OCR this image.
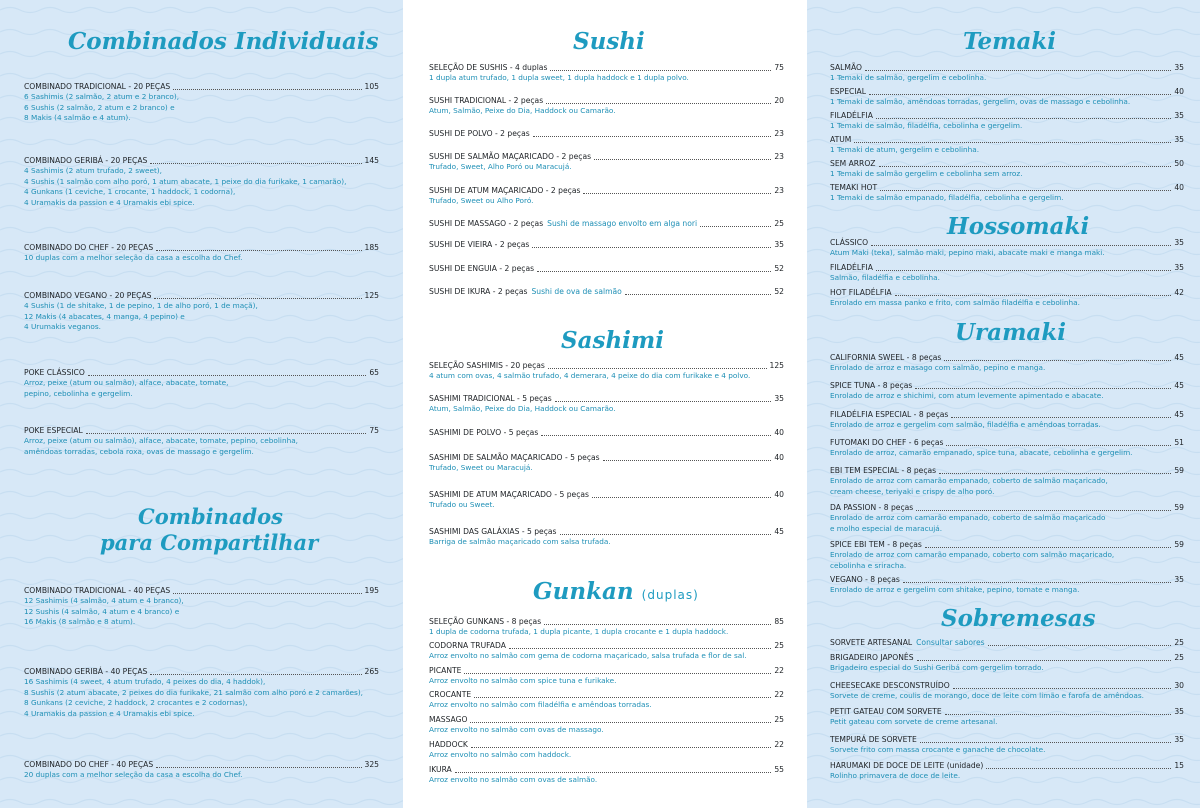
Combinados Individuais
COMBINADO TRADICIONAL - 20 PEÇAS	105
6 Sashimis (2 salmão, 2 atum e 2 branco),
6 Sushis (2 salmão, 2 atum e 2 branco) e
8 Makis (4 salmão e 4 atum).
COMBINADO GERIBÁ - 20 PEÇAS	145
4 Sashimis (2 atum trufado, 2 sweet),
4 Sushis (1 salmão com alho poró, 1 atum abacate, 1 peixe do dia furikake, 1 camarão),
4 Gunkans (1 ceviche, 1 crocante, 1 haddock, 1 codorna),
4 Uramakis da passion e 4 Uramakis ebi spice.
COMBINADO DO CHEF - 20 PEÇAS	185
10 duplas com a melhor seleção da casa a escolha do Chef.
COMBINADO VEGANO - 20 PEÇAS	125
4 Sushis (1 de shitake, 1 de pepino, 1 de alho poró, 1 de maçã),
12 Makis (4 abacates, 4 manga, 4 pepino) e
4 Urumakis veganos.
POKE CLÁSSICO	65
Arroz, peixe (atum ou salmão), alface, abacate, tomate,
pepino, cebolinha e gergelim.
POKE ESPECIAL	75
Arroz, peixe (atum ou salmão), alface, abacate, tomate, pepino, cebolinha,
amêndoas torradas, cebola roxa, ovas de massago e gergelim.
Combinados
para Compartilhar
COMBINADO TRADICIONAL - 40 PEÇAS	195
12 Sashimis (4 salmão, 4 atum e 4 branco),
12 Sushis (4 salmão, 4 atum e 4 branco) e
16 Makis (8 salmão e 8 atum).
COMBINADO GERIBÁ - 40 PEÇAS	265
16 Sashimis (4 sweet, 4 atum trufado, 4 peixes do dia, 4 haddok),
8 Sushis (2 atum abacate, 2 peixes do dia furikake, 21 salmão com alho poró e 2 camarões),
8 Gunkans (2 ceviche, 2 haddock, 2 crocantes e 2 codornas),
4 Uramakis da passion e 4 Uramakis ebi spice.
COMBINADO DO CHEF - 40 PEÇAS	325
20 duplas com a melhor seleção da casa a escolha do Chef.
Sushi
SELEÇÃO DE SUSHIS - 4 duplas	75
1 dupla atum trufado, 1 dupla sweet, 1 dupla haddock e 1 dupla polvo.
SUSHI TRADICIONAL - 2 peças	20
Atum, Salmão, Peixe do Dia, Haddock ou Camarão.
SUSHI DE POLVO - 2 peças	23
SUSHI DE SALMÃO MAÇARICADO - 2 peças	23
Trufado, Sweet, Alho Poró ou Maracujá.
SUSHI DE ATUM MAÇARICADO - 2 peças	23
Trufado, Sweet ou Alho Poró.
SUSHI DE MASSAGO - 2 peças Sushi de massago envolto em alga nori	25
SUSHI DE VIEIRA - 2 peças	35
SUSHI DE ENGUIA - 2 peças	52
SUSHI DE IKURA - 2 peças Sushi de ova de salmão	52
Sashimi
SELEÇÃO SASHIMIS - 20 peças	125
4 atum com ovas, 4 salmão trufado, 4 demerara, 4 peixe do dia com furikake e 4 polvo.
SASHIMI TRADICIONAL - 5 peças	35
Atum, Salmão, Peixe do Dia, Haddock ou Camarão.
SASHIMI DE POLVO - 5 peças	40
SASHIMI DE SALMÃO MAÇARICADO - 5 peças	40
Trufado, Sweet ou Maracujá.
SASHIMI DE ATUM MAÇARICADO - 5 peças	40
Trufado ou Sweet.
SASHIMI DAS GALÁXIAS - 5 peças	45
Barriga de salmão maçaricado com salsa trufada.
Gunkan (duplas)
SELEÇÃO GUNKANS - 8 peças	85
1 dupla de codorna trufada, 1 dupla picante, 1 dupla crocante e 1 dupla haddock.
CODORNA TRUFADA	25
Arroz envolto no salmão com gema de codorna maçaricado, salsa trufada e flor de sal.
PICANTE	22
Arroz envolto no salmão com spice tuna e furikake.
CROCANTE	22
Arroz envolto no salmão com filadélfia e amêndoas torradas.
MASSAGO	25
Arroz envolto no salmão com ovas de massago.
HADDOCK	22
Arroz envolto no salmão com haddock.
IKURA	55
Arroz envolto no salmão com ovas de salmão.
Temaki
SALMÃO	35
1 Temaki de salmão, gergelim e cebolinha.
ESPECIAL	40
1 Temaki de salmão, amêndoas torradas, gergelim, ovas de massago e cebolinha.
FILADÉLFIA	35
1 Temaki de salmão, filadélfia, cebolinha e gergelim.
ATUM	35
1 Temaki de atum, gergelim e cebolinha.
SEM ARROZ	50
1 Temaki de salmão gergelim e cebolinha sem arroz.
TEMAKI HOT	40
1 Temaki de salmão empanado, filadélfia, cebolinha e gergelim.
Hossomaki
CLÁSSICO	35
Atum Maki (teka), salmão maki, pepino maki, abacate maki e manga maki.
FILADÉLFIA	35
Salmão, filadélfia e cebolinha.
HOT FILADÉLFIA	42
Enrolado em massa panko e frito, com salmão filadélfia e cebolinha.
Uramaki
CALIFORNIA SWEEL - 8 peças	45
Enrolado de arroz e masago com salmão, pepino e manga.
SPICE TUNA - 8 peças	45
Enrolado de arroz e shichimi, com atum levemente apimentado e abacate.
FILADÉLFIA ESPECIAL - 8 peças	45
Enrolado de arroz e gergelim com salmão, filadélfia e amêndoas torradas.
FUTOMAKI DO CHEF - 6 peças	51
Enrolado de arroz, camarão empanado, spice tuna, abacate, cebolinha e gergelim.
EBI TEM ESPECIAL - 8 peças	59
Enrolado de arroz com camarão empanado, coberto de salmão maçaricado,
cream cheese, teriyaki e crispy de alho poró.
DA PASSION - 8 peças	59
Enrolado de arroz com camarão empanado, coberto de salmão maçaricado
e molho especial de maracujá.
SPICE EBI TEM - 8 peças	59
Enrolado de arroz com camarão empanado, coberto com salmão maçaricado,
cebolinha e sriracha.
VEGANO - 8 peças	35
Enrolado de arroz e gergelim com shitake, pepino, tomate e manga.
Sobremesas
SORVETE ARTESANAL Consultar sabores	25
BRIGADEIRO JAPONÊS	25
Brigadeiro especial do Sushi Geribá com gergelim torrado.
CHEESECAKE DESCONSTRUÍDO	30
Sorvete de creme, coulis de morango, doce de leite com limão e farofa de amêndoas.
PETIT GATEAU COM SORVETE	35
Petit gateau com sorvete de creme artesanal.
TEMPURÁ DE SORVETE	35
Sorvete frito com massa crocante e ganache de chocolate.
HARUMAKI DE DOCE DE LEITE (unidade)	15
Rolinho primavera de doce de leite.
